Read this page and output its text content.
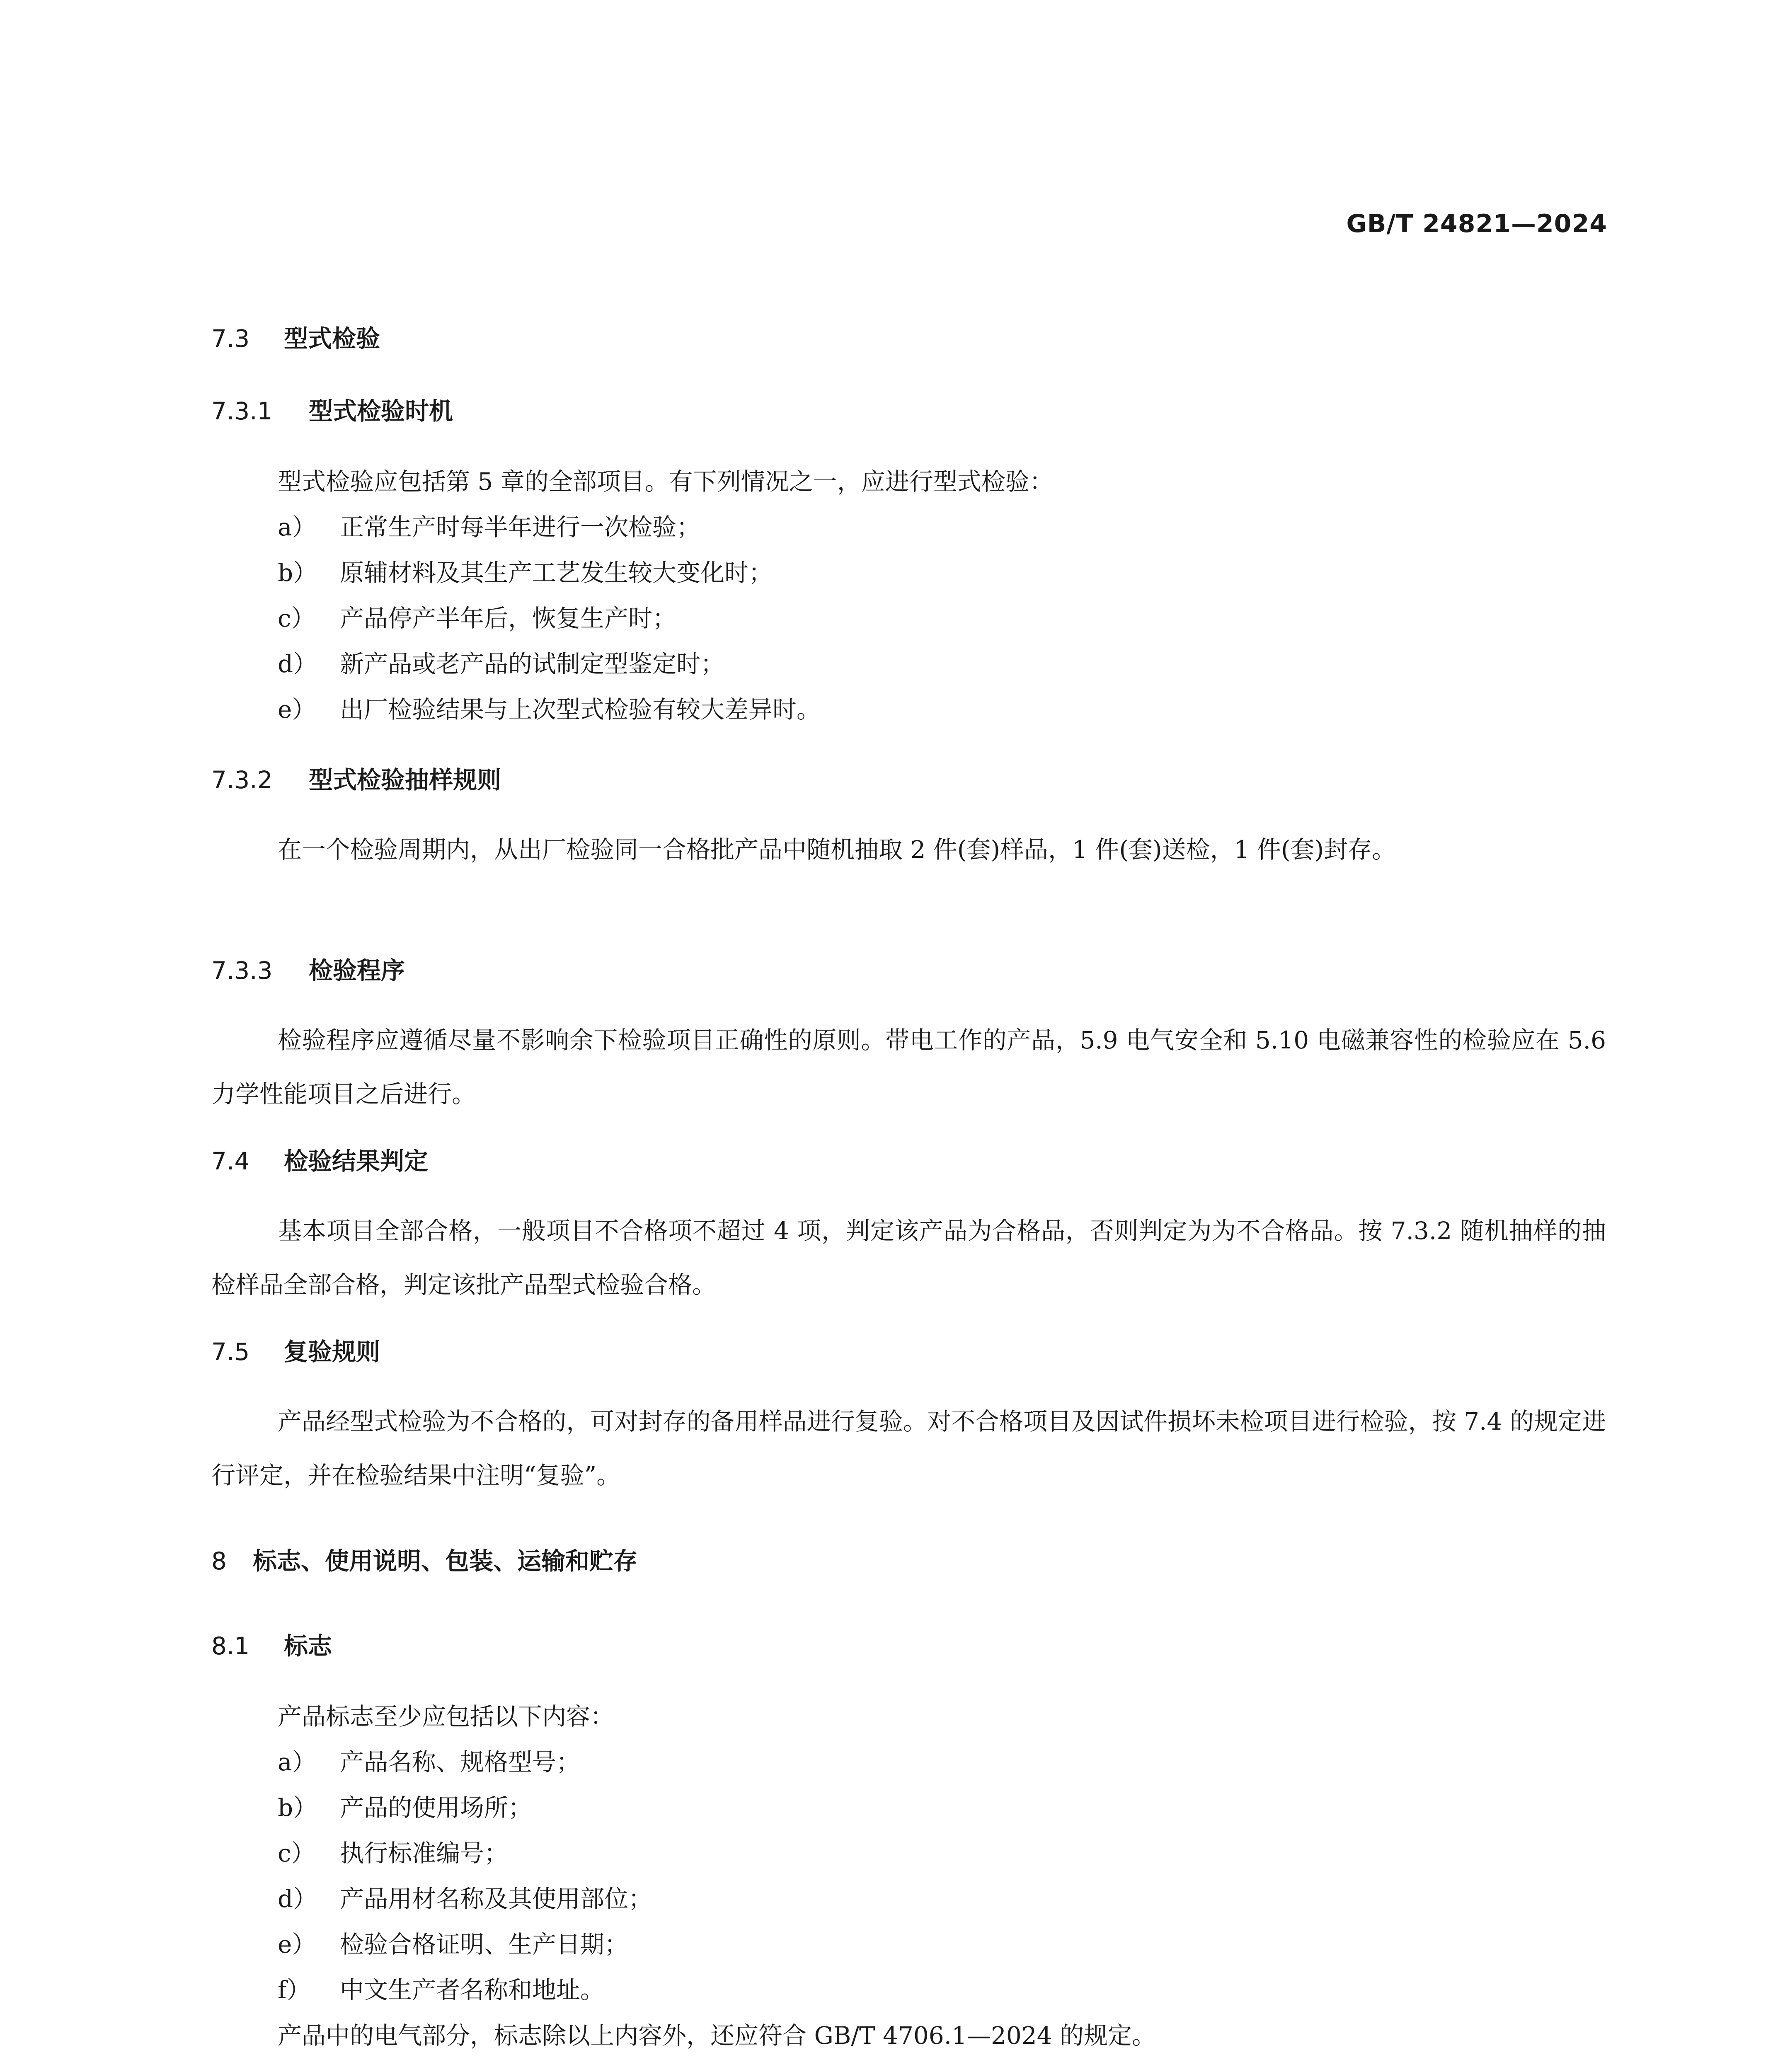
GB/T 24821—2024
7.3 型式检验
7.3.1 型式检验时机
型式检验应包括第 5 章的全部项目。有下列情况之一，应进行型式检验：
a） 正常生产时每半年进行一次检验；
b） 原辅材料及其生产工艺发生较大变化时；
c） 产品停产半年后，恢复生产时；
d） 新产品或老产品的试制定型鉴定时；
e） 出厂检验结果与上次型式检验有较大差异时。
7.3.2 型式检验抽样规则

在一个检验周期内，从出厂检验同一合格批产品中随机抽取 2 件(套)样品，1 件(套)送检，1 件(套)封存。

7.3.3 检验程序

检验程序应遵循尽量不影响余下检验项目正确性的原则。带电工作的产品，5.9 电气安全和 5.10 电磁兼容性的检验应在 5.6 力学性能项目之后进行。

7.4 检验结果判定

基本项目全部合格，一般项目不合格项不超过 4 项，判定该产品为合格品，否则判定为为不合格品。按 7.3.2 随机抽样的抽检样品全部合格，判定该批产品型式检验合格。

7.5 复验规则

产品经型式检验为不合格的，可对封存的备用样品进行复验。对不合格项目及因试件损坏未检项目进行检验，按 7.4 的规定进行评定，并在检验结果中注明“复验”。

8 标志、使用说明、包装、运输和贮存
8.1 标志
产品标志至少应包括以下内容：
a） 产品名称、规格型号；
b） 产品的使用场所；
c） 执行标准编号；
d） 产品用材名称及其使用部位；
e） 检验合格证明、生产日期；
f） 中文生产者名称和地址。
产品中的电气部分，标志除以上内容外，还应符合 GB/T 4706.1—2024 的规定。
